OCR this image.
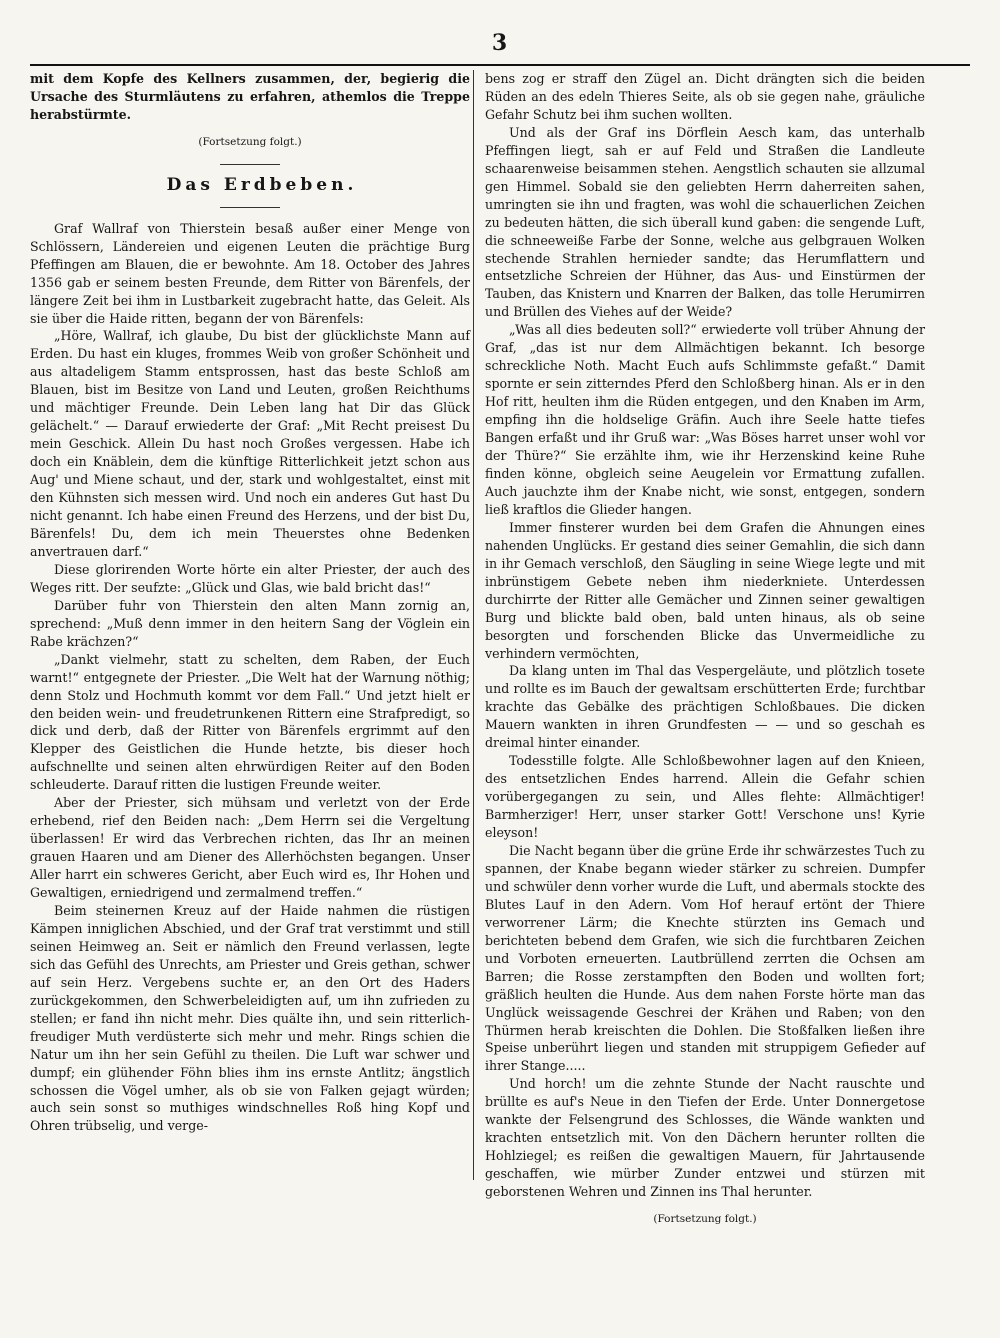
3

mit dem Kopfe des Kellners zusammen, der, begierig die Ursache des Sturmläutens zu erfahren, athemlos die Treppe herabstürmte.

(Fortsetzung folgt.)

Das Erdbeben.

Graf Wallraf von Thierstein besaß außer einer Menge von Schlössern, Ländereien und eigenen Leuten die prächtige Burg Pfeffingen am Blauen, die er bewohnte. Am 18. October des Jahres 1356 gab er seinem besten Freunde, dem Ritter von Bärenfels, der längere Zeit bei ihm in Lustbarkeit zugebracht hatte, das Geleit. Als sie über die Haide ritten, begann der von Bärenfels:

„Höre, Wallraf, ich glaube, Du bist der glücklichste Mann auf Erden. Du hast ein kluges, frommes Weib von großer Schönheit und aus altadeligem Stamm entsprossen, hast das beste Schloß am Blauen, bist im Besitze von Land und Leuten, großen Reichthums und mächtiger Freunde. Dein Leben lang hat Dir das Glück gelächelt.“ — Darauf erwiederte der Graf: „Mit Recht preisest Du mein Geschick. Allein Du hast noch Großes vergessen. Habe ich doch ein Knäblein, dem die künftige Ritterlichkeit jetzt schon aus Aug' und Miene schaut, und der, stark und wohlgestaltet, einst mit den Kühnsten sich messen wird. Und noch ein anderes Gut hast Du nicht genannt. Ich habe einen Freund des Herzens, und der bist Du, Bärenfels! Du, dem ich mein Theuerstes ohne Bedenken anvertrauen darf.“

Diese glorirenden Worte hörte ein alter Priester, der auch des Weges ritt. Der seufzte: „Glück und Glas, wie bald bricht das!“

Darüber fuhr von Thierstein den alten Mann zornig an, sprechend: „Muß denn immer in den heitern Sang der Vöglein ein Rabe krächzen?“

„Dankt vielmehr, statt zu schelten, dem Raben, der Euch warnt!“ entgegnete der Priester. „Die Welt hat der Warnung nöthig; denn Stolz und Hochmuth kommt vor dem Fall.“ Und jetzt hielt er den beiden wein- und freudetrunkenen Rittern eine Strafpredigt, so dick und derb, daß der Ritter von Bärenfels ergrimmt auf den Klepper des Geistlichen die Hunde hetzte, bis dieser hoch aufschnellte und seinen alten ehrwürdigen Reiter auf den Boden schleuderte. Darauf ritten die lustigen Freunde weiter.

Aber der Priester, sich mühsam und verletzt von der Erde erhebend, rief den Beiden nach: „Dem Herrn sei die Vergeltung überlassen! Er wird das Verbrechen richten, das Ihr an meinen grauen Haaren und am Diener des Allerhöchsten begangen. Unser Aller harrt ein schweres Gericht, aber Euch wird es, Ihr Hohen und Gewaltigen, erniedrigend und zermalmend treffen.“

Beim steinernen Kreuz auf der Haide nahmen die rüstigen Kämpen inniglichen Abschied, und der Graf trat verstimmt und still seinen Heimweg an. Seit er nämlich den Freund verlassen, legte sich das Gefühl des Unrechts, am Priester und Greis gethan, schwer auf sein Herz. Vergebens suchte er, an den Ort des Haders zurückgekommen, den Schwerbeleidigten auf, um ihn zufrieden zu stellen; er fand ihn nicht mehr. Dies quälte ihn, und sein ritterlich-freudiger Muth verdüsterte sich mehr und mehr. Rings schien die Natur um ihn her sein Gefühl zu theilen. Die Luft war schwer und dumpf; ein glühender Föhn blies ihm ins ernste Antlitz; ängstlich schossen die Vögel umher, als ob sie von Falken gejagt würden; auch sein sonst so muthiges windschnelles Roß hing Kopf und Ohren trübselig, und verge-

bens zog er straff den Zügel an. Dicht drängten sich die beiden Rüden an des edeln Thieres Seite, als ob sie gegen nahe, gräuliche Gefahr Schutz bei ihm suchen wollten.

Und als der Graf ins Dörflein Aesch kam, das unterhalb Pfeffingen liegt, sah er auf Feld und Straßen die Landleute schaarenweise beisammen stehen. Aengstlich schauten sie allzumal gen Himmel. Sobald sie den geliebten Herrn daherreiten sahen, umringten sie ihn und fragten, was wohl die schauerlichen Zeichen zu bedeuten hätten, die sich überall kund gaben: die sengende Luft, die schneeweiße Farbe der Sonne, welche aus gelbgrauen Wolken stechende Strahlen hernieder sandte; das Herumflattern und entsetzliche Schreien der Hühner, das Aus- und Einstürmen der Tauben, das Knistern und Knarren der Balken, das tolle Herumirren und Brüllen des Viehes auf der Weide?

„Was all dies bedeuten soll?“ erwiederte voll trüber Ahnung der Graf, „das ist nur dem Allmächtigen bekannt. Ich besorge schreckliche Noth. Macht Euch aufs Schlimmste gefaßt.“ Damit spornte er sein zitterndes Pferd den Schloßberg hinan. Als er in den Hof ritt, heulten ihm die Rüden entgegen, und den Knaben im Arm, empfing ihn die holdselige Gräfin. Auch ihre Seele hatte tiefes Bangen erfaßt und ihr Gruß war: „Was Böses harret unser wohl vor der Thüre?“ Sie erzählte ihm, wie ihr Herzenskind keine Ruhe finden könne, obgleich seine Aeugelein vor Ermattung zufallen. Auch jauchzte ihm der Knabe nicht, wie sonst, entgegen, sondern ließ kraftlos die Glieder hangen.

Immer finsterer wurden bei dem Grafen die Ahnungen eines nahenden Unglücks. Er gestand dies seiner Gemahlin, die sich dann in ihr Gemach verschloß, den Säugling in seine Wiege legte und mit inbrünstigem Gebete neben ihm niederkniete. Unterdessen durchirrte der Ritter alle Gemächer und Zinnen seiner gewaltigen Burg und blickte bald oben, bald unten hinaus, als ob seine besorgten und forschenden Blicke das Unvermeidliche zu verhindern vermöchten,

Da klang unten im Thal das Vespergeläute, und plötzlich tosete und rollte es im Bauch der gewaltsam erschütterten Erde; furchtbar krachte das Gebälke des prächtigen Schloßbaues. Die dicken Mauern wankten in ihren Grundfesten — — und so geschah es dreimal hinter einander.

Todesstille folgte. Alle Schloßbewohner lagen auf den Knieen, des entsetzlichen Endes harrend. Allein die Gefahr schien vorübergegangen zu sein, und Alles flehte: Allmächtiger! Barmherziger! Herr, unser starker Gott! Verschone uns! Kyrie eleyson!

Die Nacht begann über die grüne Erde ihr schwärzestes Tuch zu spannen, der Knabe begann wieder stärker zu schreien. Dumpfer und schwüler denn vorher wurde die Luft, und abermals stockte des Blutes Lauf in den Adern. Vom Hof herauf ertönt der Thiere verworrener Lärm; die Knechte stürzten ins Gemach und berichteten bebend dem Grafen, wie sich die furchtbaren Zeichen und Vorboten erneuerten. Lautbrüllend zerrten die Ochsen am Barren; die Rosse zerstampften den Boden und wollten fort; gräßlich heulten die Hunde. Aus dem nahen Forste hörte man das Unglück weissagende Geschrei der Krähen und Raben; von den Thürmen herab kreischten die Dohlen. Die Stoßfalken ließen ihre Speise unberührt liegen und standen mit struppigem Gefieder auf ihrer Stange.....

Und horch! um die zehnte Stunde der Nacht rauschte und brüllte es auf's Neue in den Tiefen der Erde. Unter Donnergetose wankte der Felsengrund des Schlosses, die Wände wankten und krachten entsetzlich mit. Von den Dächern herunter rollten die Hohlziegel; es reißen die gewaltigen Mauern, für Jahrtausende geschaffen, wie mürber Zunder entzwei und stürzen mit geborstenen Wehren und Zinnen ins Thal herunter.

(Fortsetzung folgt.)
